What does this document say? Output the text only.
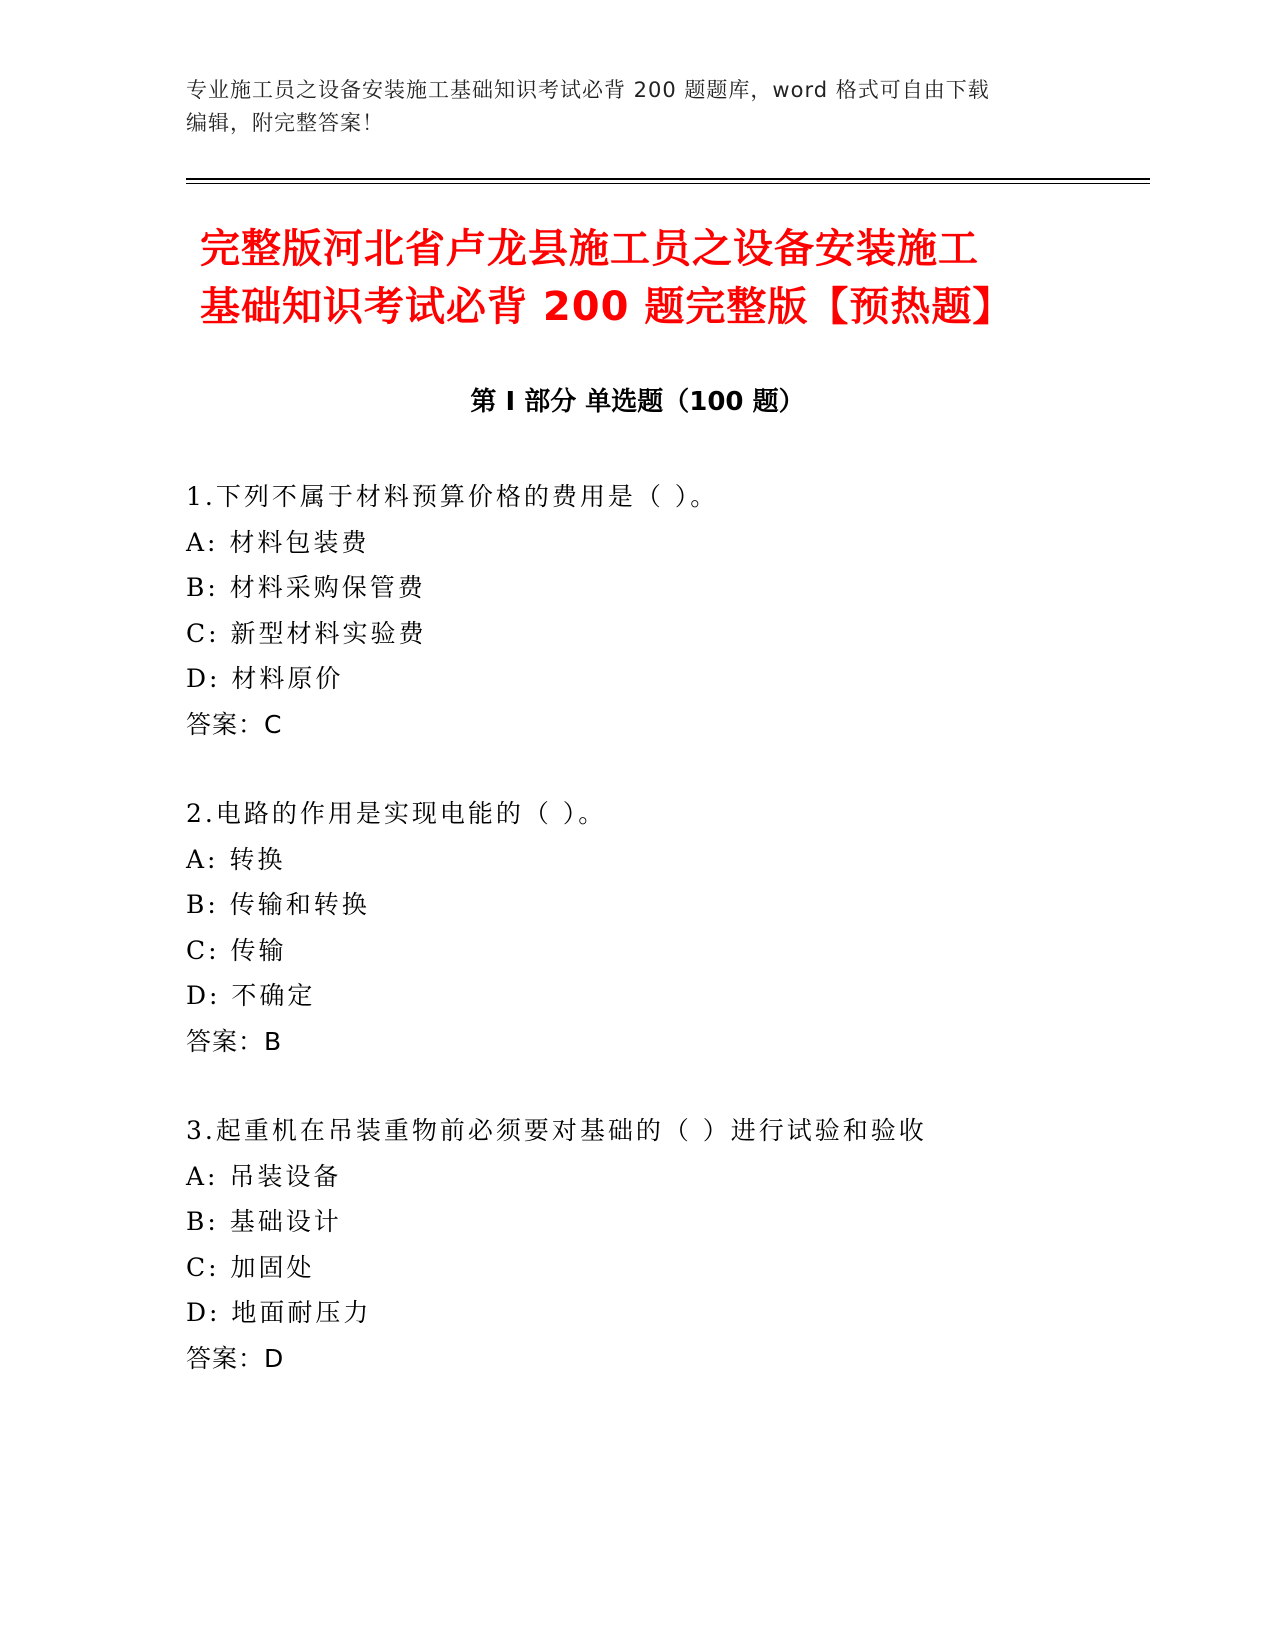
专业施工员之设备安装施工基础知识考试必背 200 题题库，word 格式可自由下载
编辑，附完整答案！
完整版河北省卢龙县施工员之设备安装施工
基础知识考试必背 200 题完整版【预热题】
第 I 部分 单选题（100 题）
1.下列不属于材料预算价格的费用是（ ）。
A: 材料包装费
B: 材料采购保管费
C: 新型材料实验费
D: 材料原价
答案：C
2.电路的作用是实现电能的（ ）。
A: 转换
B: 传输和转换
C: 传输
D: 不确定
答案：B
3.起重机在吊装重物前必须要对基础的（ ）进行试验和验收
A: 吊装设备
B: 基础设计
C: 加固处
D: 地面耐压力
答案：D
